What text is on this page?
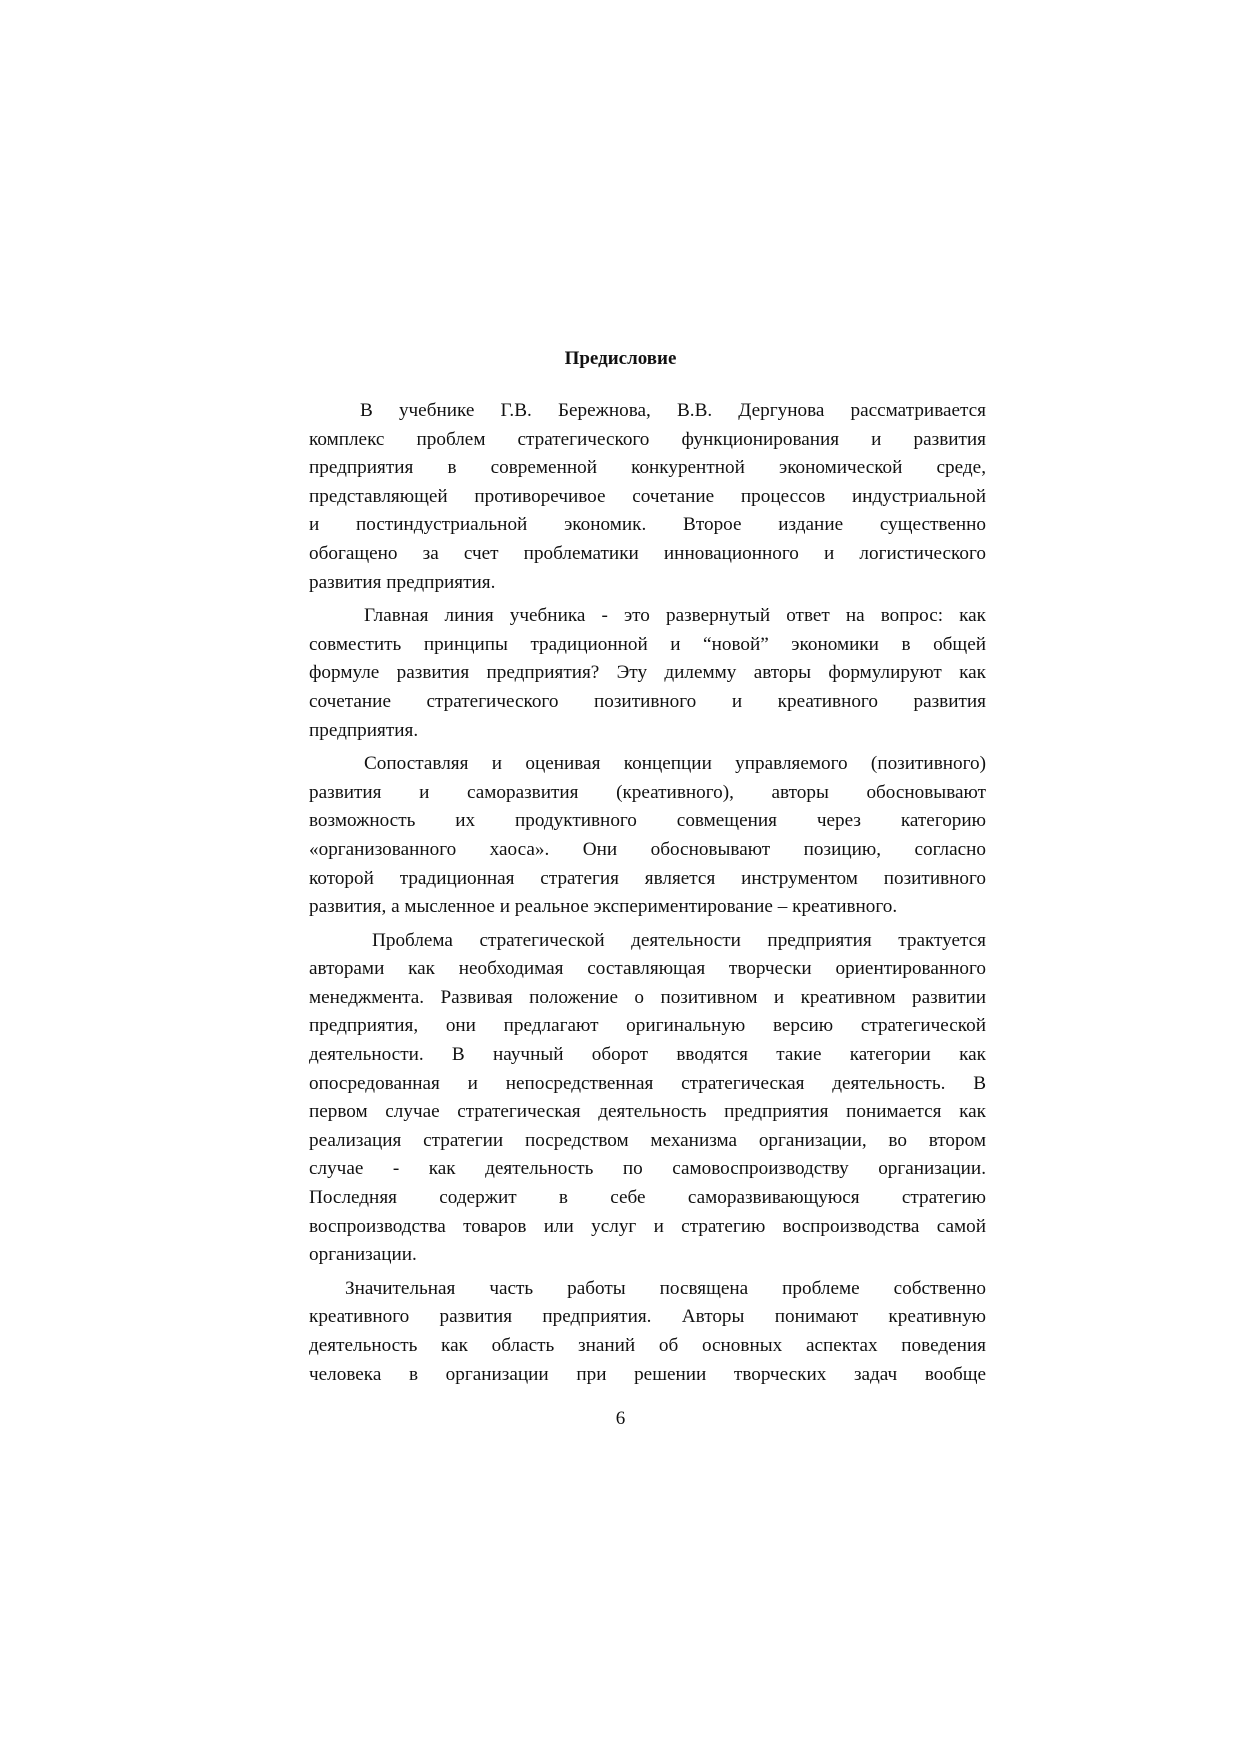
Предисловие

В учебнике Г.В. Бережнова, В.В. Дергунова рассматривается
комплекс проблем стратегического функционирования и развития
предприятия в современной конкурентной экономической среде,
представляющей противоречивое сочетание процессов индустриальной
и постиндустриальной экономик. Второе издание существенно
обогащено за счет проблематики инновационного и логистического
развития предприятия.

Главная линия учебника - это развернутый ответ на вопрос: как
совместить принципы традиционной и “новой” экономики в общей
формуле развития предприятия? Эту дилемму авторы формулируют как
сочетание стратегического позитивного и креативного развития
предприятия.

Сопоставляя и оценивая концепции управляемого (позитивного)
развития и саморазвития (креативного), авторы обосновывают
возможность их продуктивного совмещения через категорию
«организованного хаоса». Они обосновывают позицию, согласно
которой традиционная стратегия является инструментом позитивного
развития, а мысленное и реальное экспериментирование – креативного.

Проблема стратегической деятельности предприятия трактуется
авторами как необходимая составляющая творчески ориентированного
менеджмента. Развивая положение о позитивном и креативном развитии
предприятия, они предлагают оригинальную версию стратегической
деятельности. В научный оборот вводятся такие категории как
опосредованная и непосредственная стратегическая деятельность. В
первом случае стратегическая деятельность предприятия понимается как
реализация стратегии посредством механизма организации, во втором
случае - как деятельность по самовоспроизводству организации.
Последняя содержит в себе саморазвивающуюся стратегию
воспроизводства товаров или услуг и стратегию воспроизводства самой
организации.

Значительная часть работы посвящена проблеме собственно
креативного развития предприятия. Авторы понимают креативную
деятельность как область знаний об основных аспектах поведения
человека в организации при решении творческих задач вообще

6
